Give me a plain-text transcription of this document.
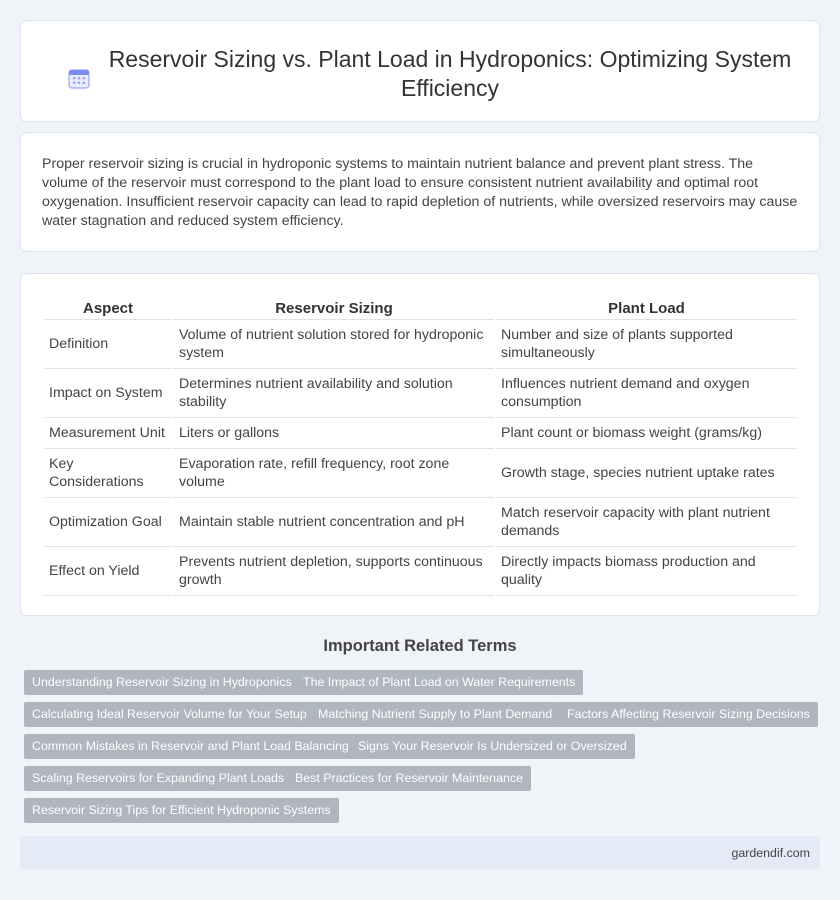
Reservoir Sizing vs. Plant Load in Hydroponics: Optimizing System Efficiency

Proper reservoir sizing is crucial in hydroponic systems to maintain nutrient balance and prevent plant stress. The volume of the reservoir must correspond to the plant load to ensure consistent nutrient availability and optimal root oxygenation. Insufficient reservoir capacity can lead to rapid depletion of nutrients, while oversized reservoirs may cause water stagnation and reduced system efficiency.

Aspect	Reservoir Sizing	Plant Load
Definition	Volume of nutrient solution stored for hydroponic system	Number and size of plants supported simultaneously
Impact on System	Determines nutrient availability and solution stability	Influences nutrient demand and oxygen consumption
Measurement Unit	Liters or gallons	Plant count or biomass weight (grams/kg)
Key Considerations	Evaporation rate, refill frequency, root zone volume	Growth stage, species nutrient uptake rates
Optimization Goal	Maintain stable nutrient concentration and pH	Match reservoir capacity with plant nutrient demands
Effect on Yield	Prevents nutrient depletion, supports continuous growth	Directly impacts biomass production and quality
Important Related Terms
Understanding Reservoir Sizing in Hydroponics The Impact of Plant Load on Water Requirements
Calculating Ideal Reservoir Volume for Your Setup Matching Nutrient Supply to Plant Demand	Factors Affecting Reservoir Sizing Decisions
Common Mistakes in Reservoir and Plant Load Balancing Signs Your Reservoir Is Undersized or Oversized
Scaling Reservoirs for Expanding Plant Loads Best Practices for Reservoir Maintenance
Reservoir Sizing Tips for Efficient Hydroponic Systems
gardendif.com
